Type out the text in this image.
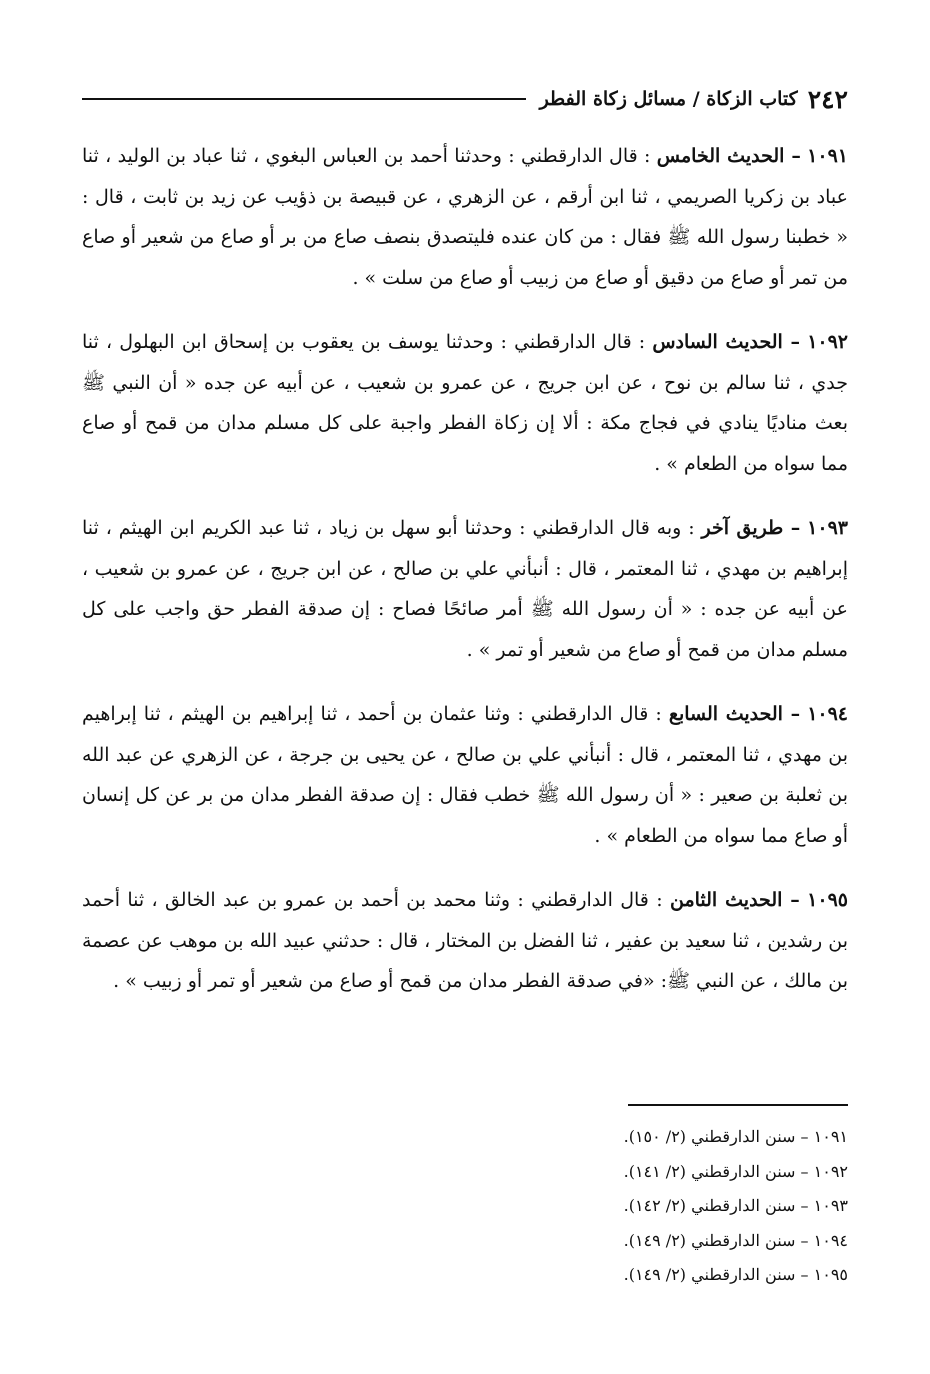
٢٤٢
كتاب الزكاة / مسائل زكاة الفطر

١٠٩١ – الحديث الخامس : قال الدارقطني : وحدثنا أحمد بن العباس البغوي ، ثنا عباد بن الوليد ، ثنا عباد بن زكريا الصريمي ، ثنا ابن أرقم ، عن الزهري ، عن قبيصة بن ذؤيب عن زيد بن ثابت ، قال : « خطبنا رسول الله ﷺ فقال : من كان عنده فليتصدق بنصف صاع من بر أو صاع من شعير أو صاع من تمر أو صاع من دقيق أو صاع من زبيب أو صاع من سلت » .

١٠٩٢ – الحديث السادس : قال الدارقطني : وحدثنا يوسف بن يعقوب بن إسحاق ابن البهلول ، ثنا جدي ، ثنا سالم بن نوح ، عن ابن جريج ، عن عمرو بن شعيب ، عن أبيه عن جده « أن النبي ﷺ بعث مناديًا ينادي في فجاج مكة : ألا إن زكاة الفطر واجبة على كل مسلم مدان من قمح أو صاع مما سواه من الطعام » .

١٠٩٣ – طريق آخر : وبه قال الدارقطني : وحدثنا أبو سهل بن زياد ، ثنا عبد الكريم ابن الهيثم ، ثنا إبراهيم بن مهدي ، ثنا المعتمر ، قال : أنبأني علي بن صالح ، عن ابن جريج ، عن عمرو بن شعيب ، عن أبيه عن جده : « أن رسول الله ﷺ أمر صائحًا فصاح : إن صدقة الفطر حق واجب على كل مسلم مدان من قمح أو صاع من شعير أو تمر » .

١٠٩٤ – الحديث السابع : قال الدارقطني : وثنا عثمان بن أحمد ، ثنا إبراهيم بن الهيثم ، ثنا إبراهيم بن مهدي ، ثنا المعتمر ، قال : أنبأني علي بن صالح ، عن يحيى بن جرجة ، عن الزهري عن عبد الله بن ثعلبة بن صعير : « أن رسول الله ﷺ خطب فقال : إن صدقة الفطر مدان من بر عن كل إنسان أو صاع مما سواه من الطعام » .

١٠٩٥ – الحديث الثامن : قال الدارقطني : وثنا محمد بن أحمد بن عمرو بن عبد الخالق ، ثنا أحمد بن رشدين ، ثنا سعيد بن عفير ، ثنا الفضل بن المختار ، قال : حدثني عبيد الله بن موهب عن عصمة بن مالك ، عن النبي ﷺ: «في صدقة الفطر مدان من قمح أو صاع من شعير أو تمر أو زبيب » .

١٠٩١ – سنن الدارقطني (٢/ ١٥٠).
١٠٩٢ – سنن الدارقطني (٢/ ١٤١).
١٠٩٣ – سنن الدارقطني (٢/ ١٤٢).
١٠٩٤ – سنن الدارقطني (٢/ ١٤٩).
١٠٩٥ – سنن الدارقطني (٢/ ١٤٩).
